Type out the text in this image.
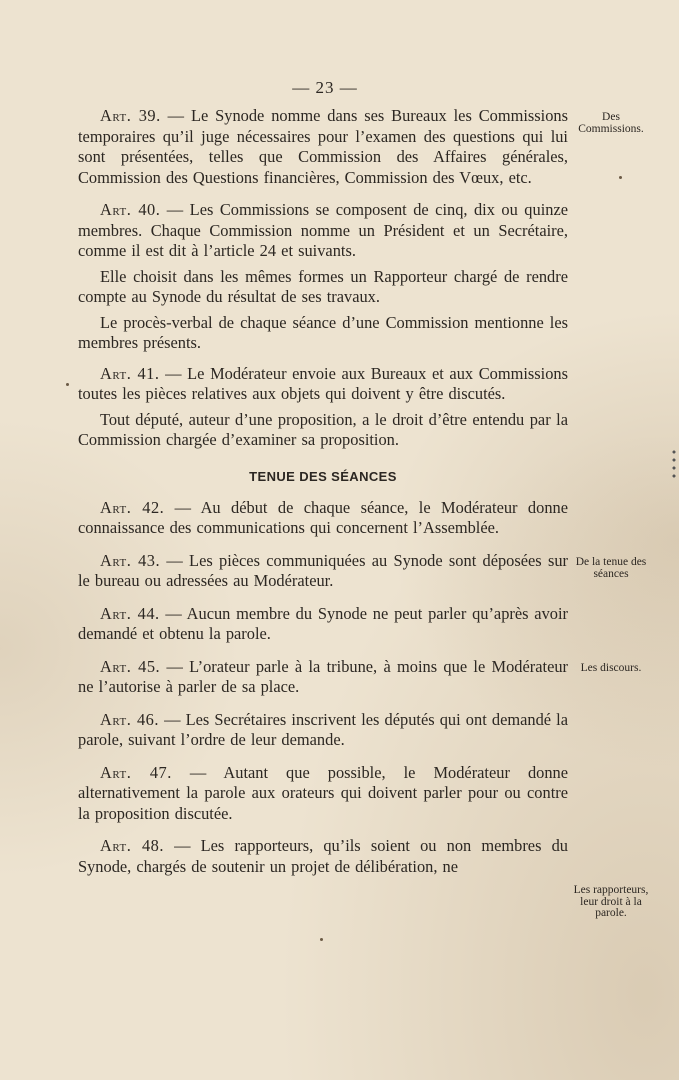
— 23 —

Art. 39. — Le Synode nomme dans ses Bureaux les Commissions temporaires qu’il juge nécessaires pour l’examen des questions qui lui sont présentées, telles que Commission des Affaires générales, Commission des Questions financières, Commission des Vœux, etc.

Art. 40. — Les Commissions se composent de cinq, dix ou quinze membres. Chaque Commission nomme un Président et un Secrétaire, comme il est dit à l’article 24 et suivants.

Elle choisit dans les mêmes formes un Rapporteur chargé de rendre compte au Synode du résultat de ses travaux.

Le procès-verbal de chaque séance d’une Commission mentionne les membres présents.

Art. 41. — Le Modérateur envoie aux Bureaux et aux Commissions toutes les pièces relatives aux objets qui doivent y être discutés.

Tout député, auteur d’une proposition, a le droit d’être entendu par la Commission chargée d’examiner sa proposition.

TENUE DES SÉANCES

Art. 42. — Au début de chaque séance, le Modérateur donne connaissance des communications qui concernent l’Assemblée.

Art. 43. — Les pièces communiquées au Synode sont déposées sur le bureau ou adressées au Modérateur.

Art. 44. — Aucun membre du Synode ne peut parler qu’après avoir demandé et obtenu la parole.

Art. 45. — L’orateur parle à la tribune, à moins que le Modérateur ne l’autorise à parler de sa place.

Art. 46. — Les Secrétaires inscrivent les députés qui ont demandé la parole, suivant l’ordre de leur demande.

Art. 47. — Autant que possible, le Modérateur donne alternativement la parole aux orateurs qui doivent parler pour ou contre la proposition discutée.

Art. 48. — Les rapporteurs, qu’ils soient ou non membres du Synode, chargés de soutenir un projet de délibération, ne

Des Commissions.
De la tenue des séances
Les discours.
Les rapporteurs, leur droit à la parole.
